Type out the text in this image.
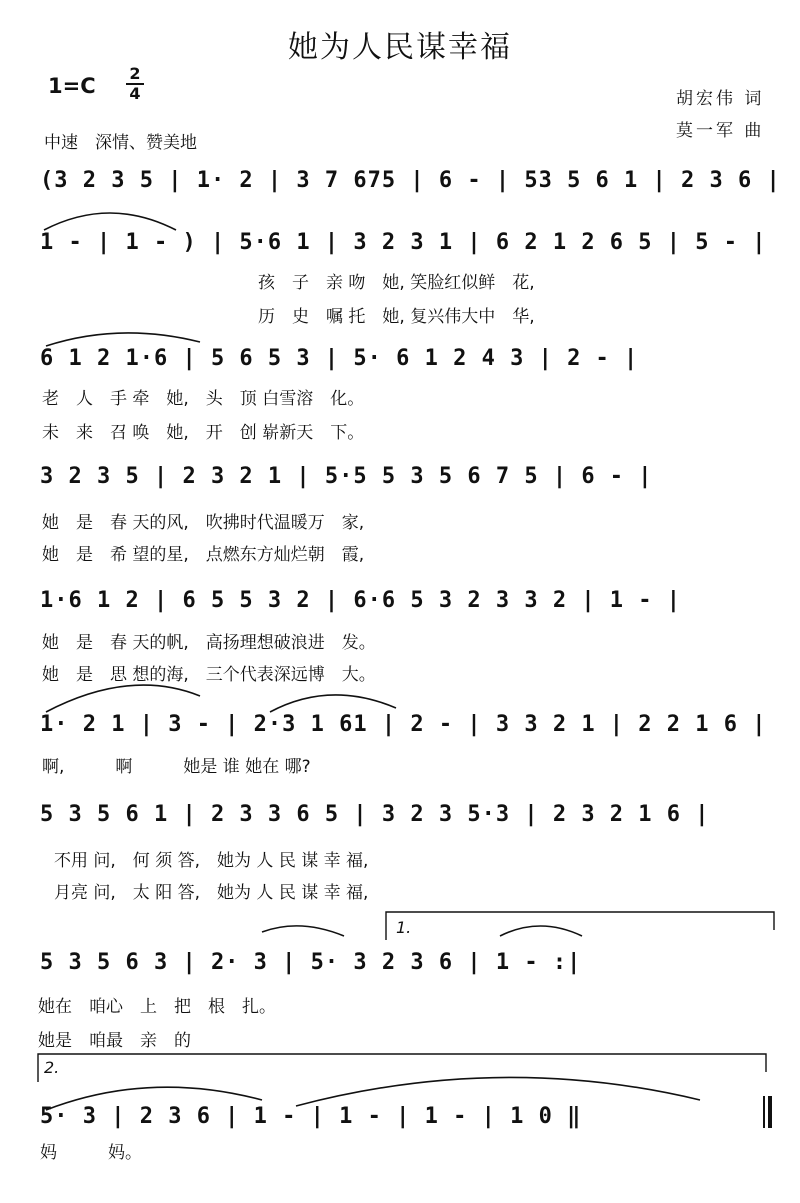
她为人民谋幸福
1=C
2
4
中速　深情、赞美地
胡宏伟 词
莫一军 曲
(3 2 3 5 | 1· 2 | 3 7 675 | 6 - | 53 5 6 1 | 2 3 6 |
1 - | 1 - ) | 5·6 1 | 3 2 3 1 | 6 2 1 2 6 5 | 5 - |
孩　子　亲 吻　她, 笑脸红似鲜　花,
历　史　嘱 托　她, 复兴伟大中　华,
6 1 2 1·6 | 5 6 5 3 | 5· 6 1 2 4 3 | 2 - |
老　人　手 牵　她,　头　顶 白雪溶　化。
未　来　召 唤　她,　开　创 崭新天　下。
3 2 3 5 | 2 3 2 1 | 5·5 5 3 5 6 7 5 | 6 - |
她　是　春 天的风,　吹拂时代温暖万　家,
她　是　希 望的星,　点燃东方灿烂朝　霞,
1·6 1 2 | 6 5 5 3 2 | 6·6 5 3 2 3 3 2 | 1 - |
她　是　春 天的帆,　高扬理想破浪进　发。
她　是　思 想的海,　三个代表深远博　大。
1· 2 1 | 3 - | 2·3 1 61 | 2 - | 3 3 2 1 | 2 2 1 6 |
啊,　　　啊　　　她是 谁 她在 哪?
5 3 5 6 1 | 2 3 3 6 5 | 3 2 3 5·3 | 2 3 2 1 6 |
不用 问,　何 须 答,　她为 人 民 谋 幸 福,
月亮 问,　太 阳 答,　她为 人 民 谋 幸 福,
1.
5 3 5 6 3 | 2· 3 | 5· 3 2 3 6 | 1 - :|
她在　咱心　上　把　根　扎。
她是　咱最　亲　的
2.
5· 3 | 2 3 6 | 1 - | 1 - | 1 - | 1 0 ‖
妈　　　妈。
